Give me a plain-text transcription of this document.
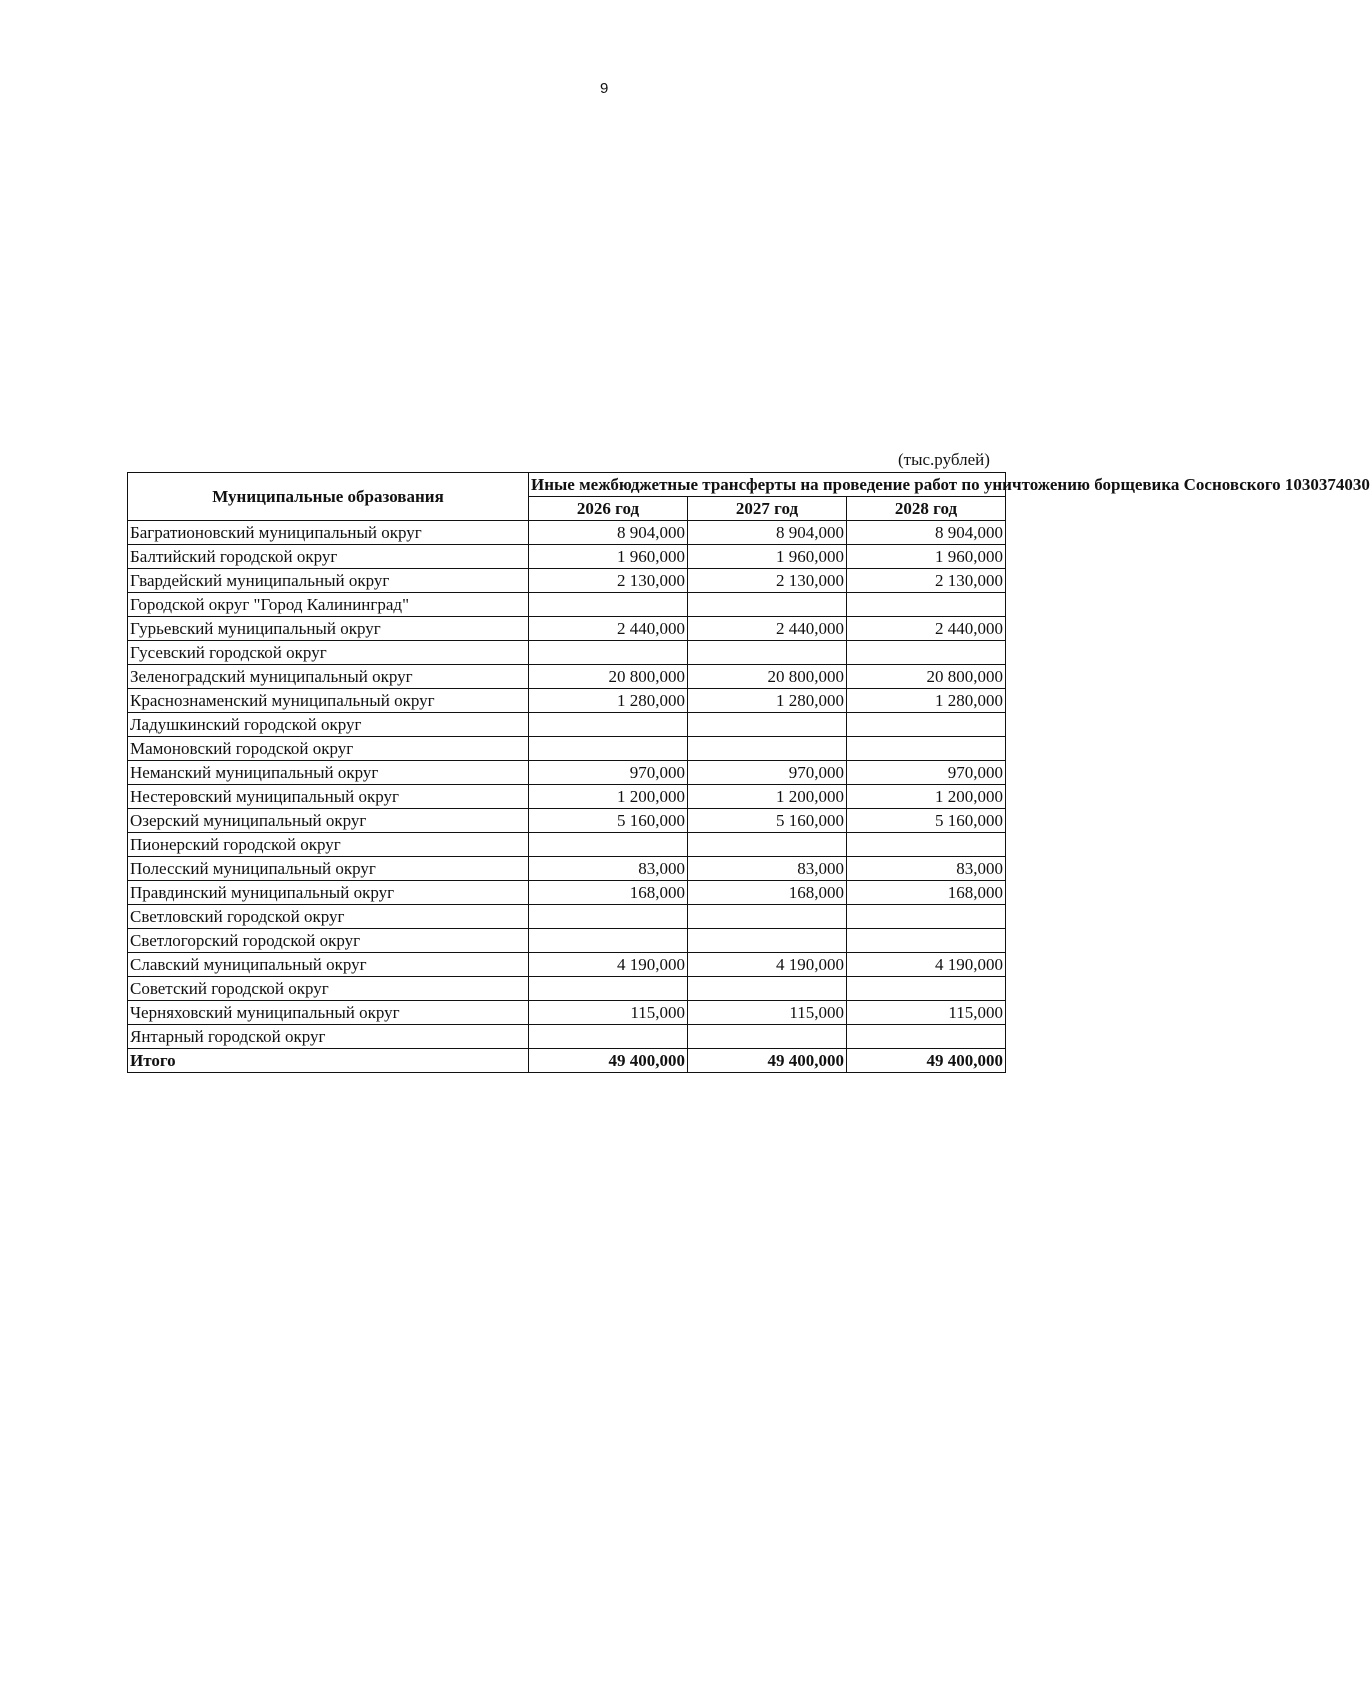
9
(тыс.рублей)
Муниципальные образования	Иные межбюджетные трансферты на проведение работ по уничтожению борщевика Сосновского 1030374030		
	2026 год	2027 год	2028 год
Багратионовский муниципальный округ	8 904,000	8 904,000	8 904,000
Балтийский городской округ	1 960,000	1 960,000	1 960,000
Гвардейский муниципальный округ	2 130,000	2 130,000	2 130,000
Городской округ "Город Калининград"			
Гурьевский муниципальный округ	2 440,000	2 440,000	2 440,000
Гусевский городской округ			
Зеленоградский муниципальный округ	20 800,000	20 800,000	20 800,000
Краснознаменский муниципальный округ	1 280,000	1 280,000	1 280,000
Ладушкинский городской округ			
Мамоновский городской округ			
Неманский муниципальный округ	970,000	970,000	970,000
Нестеровский муниципальный округ	1 200,000	1 200,000	1 200,000
Озерский муниципальный округ	5 160,000	5 160,000	5 160,000
Пионерский городской округ			
Полесский муниципальный округ	83,000	83,000	83,000
Правдинский муниципальный округ	168,000	168,000	168,000
Светловский городской округ			
Светлогорский городской округ			
Славский муниципальный округ	4 190,000	4 190,000	4 190,000
Советский городской округ			
Черняховский муниципальный округ	115,000	115,000	115,000
Янтарный городской округ			
Итого	49 400,000	49 400,000	49 400,000
